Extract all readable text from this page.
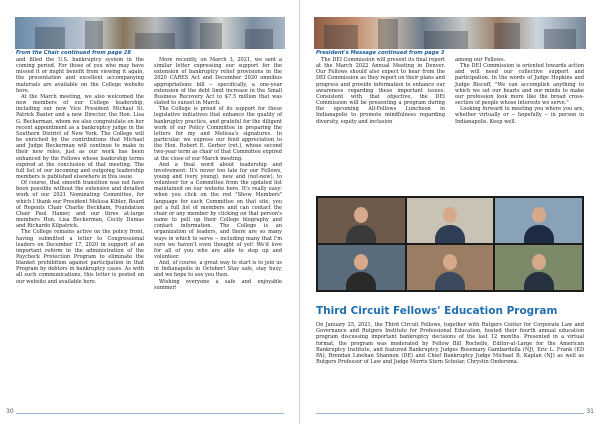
From the Chair continued from page 28

and filled the U.S. bankruptcy system in the coming period. For those of you who may have missed it or might benefit from viewing it again, the presentation and excellent accompanying materials are available on the College website here.

At the March meeting, we also welcomed the new members of our College leadership, including our new Vice President Michael St. Patrick Baxter and a new Director, the Hon. Lisa G. Beckerman, whom we also congratulate on her recent appointment as a bankruptcy judge in the Southern District of New York. The College will be enriched by the contributions that Michael and Judge Beckerman will continue to make in their new roles, just as our work has been enhanced by the Fellows whose leadership terms expired at the conclusion of that meeting. The full list of our incoming and outgoing leadership members is published elsewhere in this issue.

Of course, that smooth transition was not have been possible without the extensive and detailed work of our 2021 Nominating Committee, for which I thank our President Melissa Kibler, Board of Regents Chair Charlie Beckham, Foundation Chair Paul Hamer, and our three at-large members Hon. Lisa Beckerman, Cecily Dumas and Richardo Kilpatrick.

The College remains active on the policy front, having submitted a letter to Congressional leaders on December 17, 2020 in support of an important reform in the administration of the Paycheck Protection Program to eliminate the blanket prohibition against participation in that Program by debtors in bankruptcy cases. As with all such communications, this letter is posted on our website and available here.

More recently, on March 3, 2021, we sent a similar letter expressing our support for the extension of bankruptcy relief provisions in the 2020 CARES Act and December 2020 omnibus appropriations bill -- specifically, a one-year extension of the debt limit increase in the Small Business Recovery Act to $7.5 million that was slated to sunset in March.

The College is proud of its support for these legislative initiatives that enhance the quality of bankruptcy practice, and grateful for the diligent work of our Policy Committee in preparing the letters for my and Melissa's signatures. In particular, we express our fond appreciation to the Hon. Robert E. Gerber (ret.), whose second two-year term as chair of that Committee expired at the close of our March meeting.

And a final word about leadership and involvement: It's never too late for our Fellows, young and (very young), new and (not-new), to volunteer for a Committee from the updated list maintained on our website here. It's really easy: when you click on the red "Show Members" language for each Committee on that site, you get a full list of members and can contact the chair or any member by clicking on that person's name to pull up their College biography and contact information. The College is an organization of leaders, and there are so many ways in which to serve -- including many that I'm sure we haven't even thought of yet! We'd love for all of you who are able to step up and volunteer.

And, of course, a great way to start is to join us in Indianapolis in October! Stay safe, stay busy, and we hope to see you then.

Wishing everyone a safe and enjoyable summer!

30
President's Message continued from page 3

The DEI Commission will present its final report at the March 2022 Annual Meeting in Denver. Our Fellows should also expect to hear from the DEI Commission as they report on their plans and progress and provide information to enhance our awareness regarding these important issues. Consistent with that objective, the DEI Commission will be presenting a program during the upcoming All-Fellows Luncheon in Indianapolis to promote mindfulness regarding diversity, equity and inclusion

among our Fellows.

The DEI Commission is oriented towards action and will need our collective support and participation. In the words of Judge Hopkins and Judge Biscoff, "We can accomplish anything to which we set our hearts and our minds to make our profession look more like the broad cross-section of people whose interests we serve."

Looking forward to meeting you where you are, whether virtually or -- hopefully -- in person in Indianapolis. Keep well.

Third Circuit Fellows' Education Program

On January 25, 2021, the Third Circuit Fellows, together with Rutgers Center for Corporate Law and Governance and Rutgers Institute for Professional Education, hosted their fourth annual education program discussing important bankruptcy decisions of the last 12 months. Presented in a virtual format, the program was moderated by Fellow Bill Rochelle, Editor-at-Large for the American Bankruptcy Institute, and featured Bankruptcy Judges Rosemary Gambardella (NJ), Eric L. Frank (ED PA), Brendan Linehan Shannon (DE) and Chief Bankruptcy Judge Michael B. Kaplan (NJ) as well as Rutgers Professor of Law and Judge Morris Stern Scholar, Chrystin Ondersma.

31
